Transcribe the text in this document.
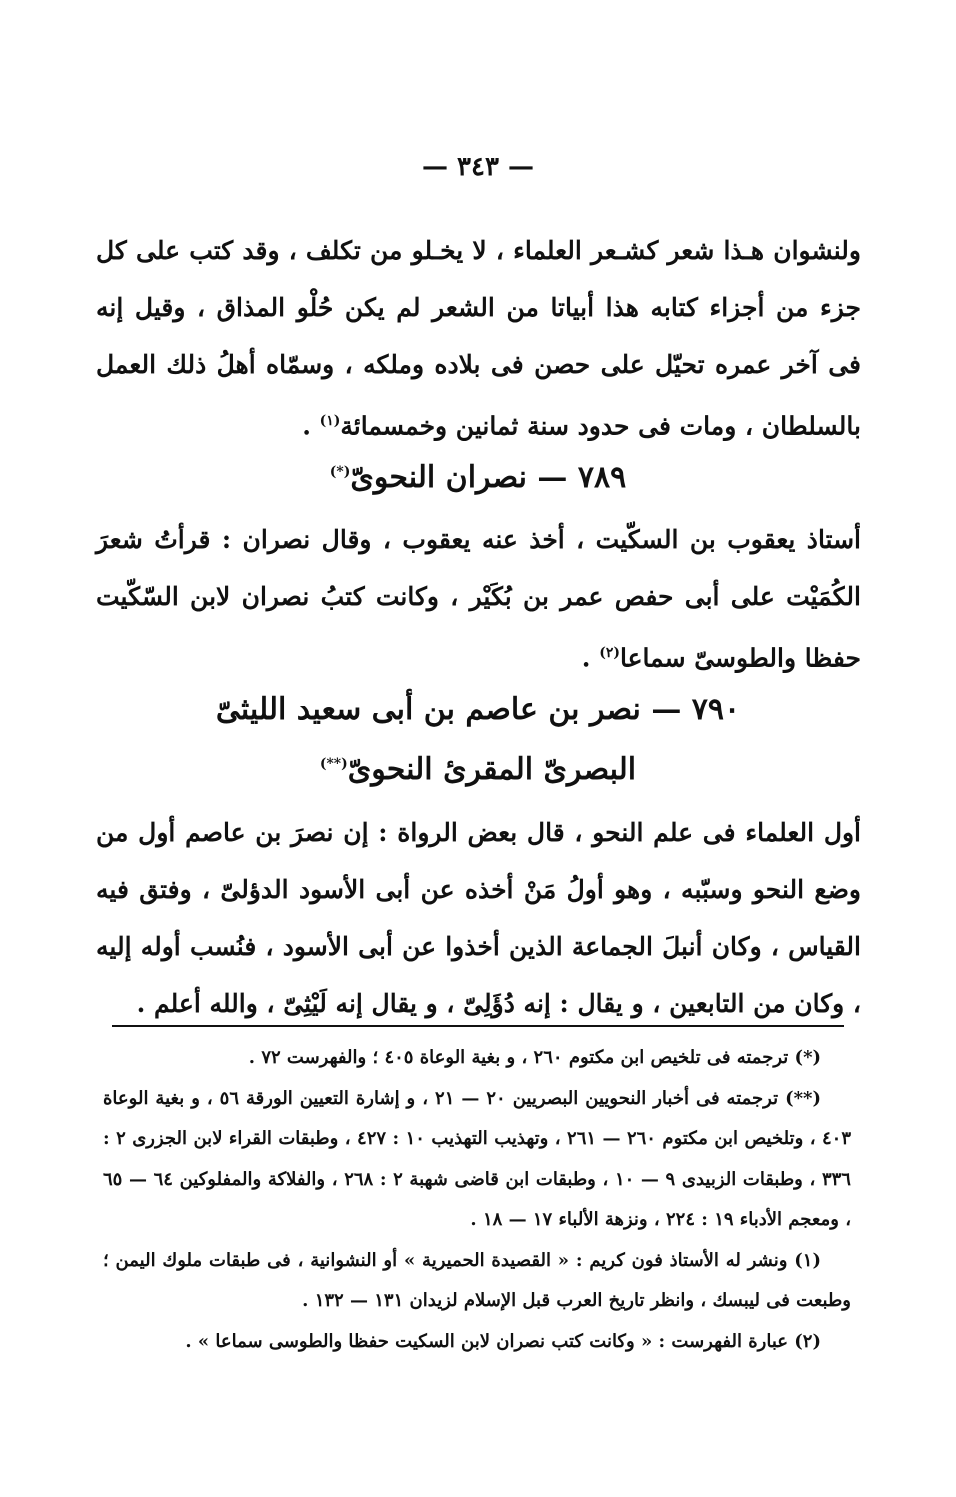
— ٣٤٣ —
ولنشوان هـذا شعر كشـعر العلماء ، لا يخـلو من تكلف ، وقد كتب على كل جزء من أجزاء كتابه هذا أبياتا من الشعر لم يكن حُلْو المذاق ، وقيل إنه فى آخر عمره تحيّل على حصن فى بلاده وملكه ، وسمّاه أهلُ ذلك العمل بالسلطان ، ومات فى حدود سنة ثمانين وخمسمائة$^{(١)}$ .
٧٨٩ — نصران النحوىّ(*)
أستاذ يعقوب بن السكّيت ، أخذ عنه يعقوب ، وقال نصران : قرأتُ شعرَ الكُمَيْت على أبى حفص عمر بن بُكَيْر ، وكانت كتبُ نصران لابن السّكّيت حفظا والطوسىّ سماعا$^{(٢)}$ .
٧٩٠ — نصر بن عاصم بن أبى سعيد الليثىّ
البصرىّ المقرئ النحوىّ(**)
أول العلماء فى علم النحو ، قال بعض الرواة : إن نصرَ بن عاصم أول من وضع النحو وسبّبه ، وهو أولُ مَنْ أخذه عن أبى الأسود الدؤلىّ ، وفتق فيه القياس ، وكان أنبلَ الجماعة الذين أخذوا عن أبى الأسود ، فنُسب أوله إليه ، وكان من التابعين ، و يقال : إنه دُؤَلِىّ ، و يقال إنه لَيْثِىّ ، والله أعلم .

(*) ترجمته فى تلخيص ابن مكتوم ٢٦٠ ، و بغية الوعاة ٤٠٥ ؛ والفهرست ٧٢ .

(**) ترجمته فى أخبار النحويين البصريين ٢٠ — ٢١ ، و إشارة التعيين الورقة ٥٦ ، و بغية الوعاة ٤٠٣ ، وتلخيص ابن مكتوم ٢٦٠ — ٢٦١ ، وتهذيب التهذيب ١٠ : ٤٢٧ ، وطبقات القراء لابن الجزرى ٢ : ٣٣٦ ، وطبقات الزبيدى ٩ — ١٠ ، وطبقات ابن قاضى شهبة ٢ : ٢٦٨ ، والفلاكة والمفلوكين ٦٤ — ٦٥ ، ومعجم الأدباء ١٩ : ٢٢٤ ، ونزهة الألباء ١٧ — ١٨ .

(١) ونشر له الأستاذ فون كريم : « القصيدة الحميرية » أو النشوانية ، فى طبقات ملوك اليمن ؛ وطبعت فى ليبسك ، وانظر تاريخ العرب قبل الإسلام لزيدان ١٣١ — ١٣٢ .

(٢) عبارة الفهرست : « وكانت كتب نصران لابن السكيت حفظا والطوسى سماعا » .
